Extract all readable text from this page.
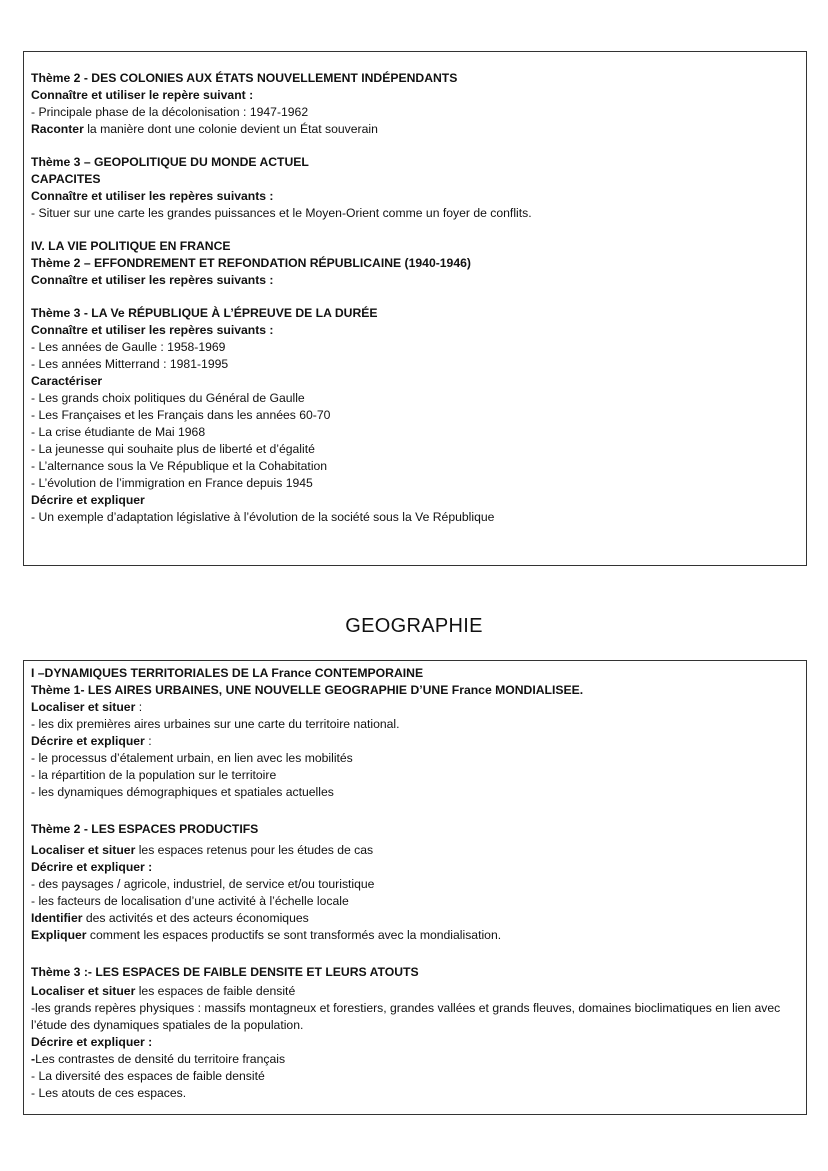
Thème 2 - DES COLONIES AUX ÉTATS NOUVELLEMENT INDÉPENDANTS
Connaître et utiliser le repère suivant :
- Principale phase de la décolonisation : 1947-1962
Raconter la manière dont une colonie devient un État souverain
Thème 3 – GEOPOLITIQUE DU MONDE ACTUEL
CAPACITES
Connaître et utiliser les repères suivants :
- Situer sur une carte les grandes puissances et le Moyen-Orient comme un foyer de conflits.
IV. LA VIE POLITIQUE EN FRANCE
Thème 2 – EFFONDREMENT ET REFONDATION RÉPUBLICAINE (1940-1946)
Connaître et utiliser les repères suivants :
Thème 3 - LA Ve RÉPUBLIQUE À L’ÉPREUVE DE LA DURÉE
Connaître et utiliser les repères suivants :
- Les années de Gaulle : 1958-1969
- Les années Mitterrand : 1981-1995
Caractériser
- Les grands choix politiques du Général de Gaulle
- Les Françaises et les Français dans les années 60-70
- La crise étudiante de Mai 1968
- La jeunesse qui souhaite plus de liberté et d’égalité
- L’alternance sous la Ve République et la Cohabitation
- L’évolution de l’immigration en France depuis 1945
Décrire et expliquer
- Un exemple d’adaptation législative à l’évolution de la société sous la Ve République
GEOGRAPHIE
I –DYNAMIQUES TERRITORIALES DE LA France CONTEMPORAINE
Thème 1- LES AIRES URBAINES, UNE NOUVELLE GEOGRAPHIE D’UNE France MONDIALISEE.
Localiser et situer :
- les dix premières aires urbaines sur une carte du territoire national.
Décrire et expliquer :
- le processus d’étalement urbain, en lien avec les mobilités
- la répartition de la population sur le territoire
- les dynamiques démographiques et spatiales actuelles
Thème 2 - LES ESPACES PRODUCTIFS
Localiser et situer les espaces retenus pour les études de cas
Décrire et expliquer :
- des paysages / agricole, industriel, de service et/ou touristique
- les facteurs de localisation d’une activité à l’échelle locale
Identifier des activités et des acteurs économiques
Expliquer comment les espaces productifs se sont transformés avec la mondialisation.
Thème 3 :- LES ESPACES DE FAIBLE DENSITE ET LEURS ATOUTS
Localiser et situer les espaces de faible densité
-les grands repères physiques : massifs montagneux et forestiers, grandes vallées et grands fleuves, domaines bioclimatiques en lien avec l’étude des dynamiques spatiales de la population.
Décrire et expliquer :
-Les contrastes de densité du territoire français
- La diversité des espaces de faible densité
- Les atouts de ces espaces.
